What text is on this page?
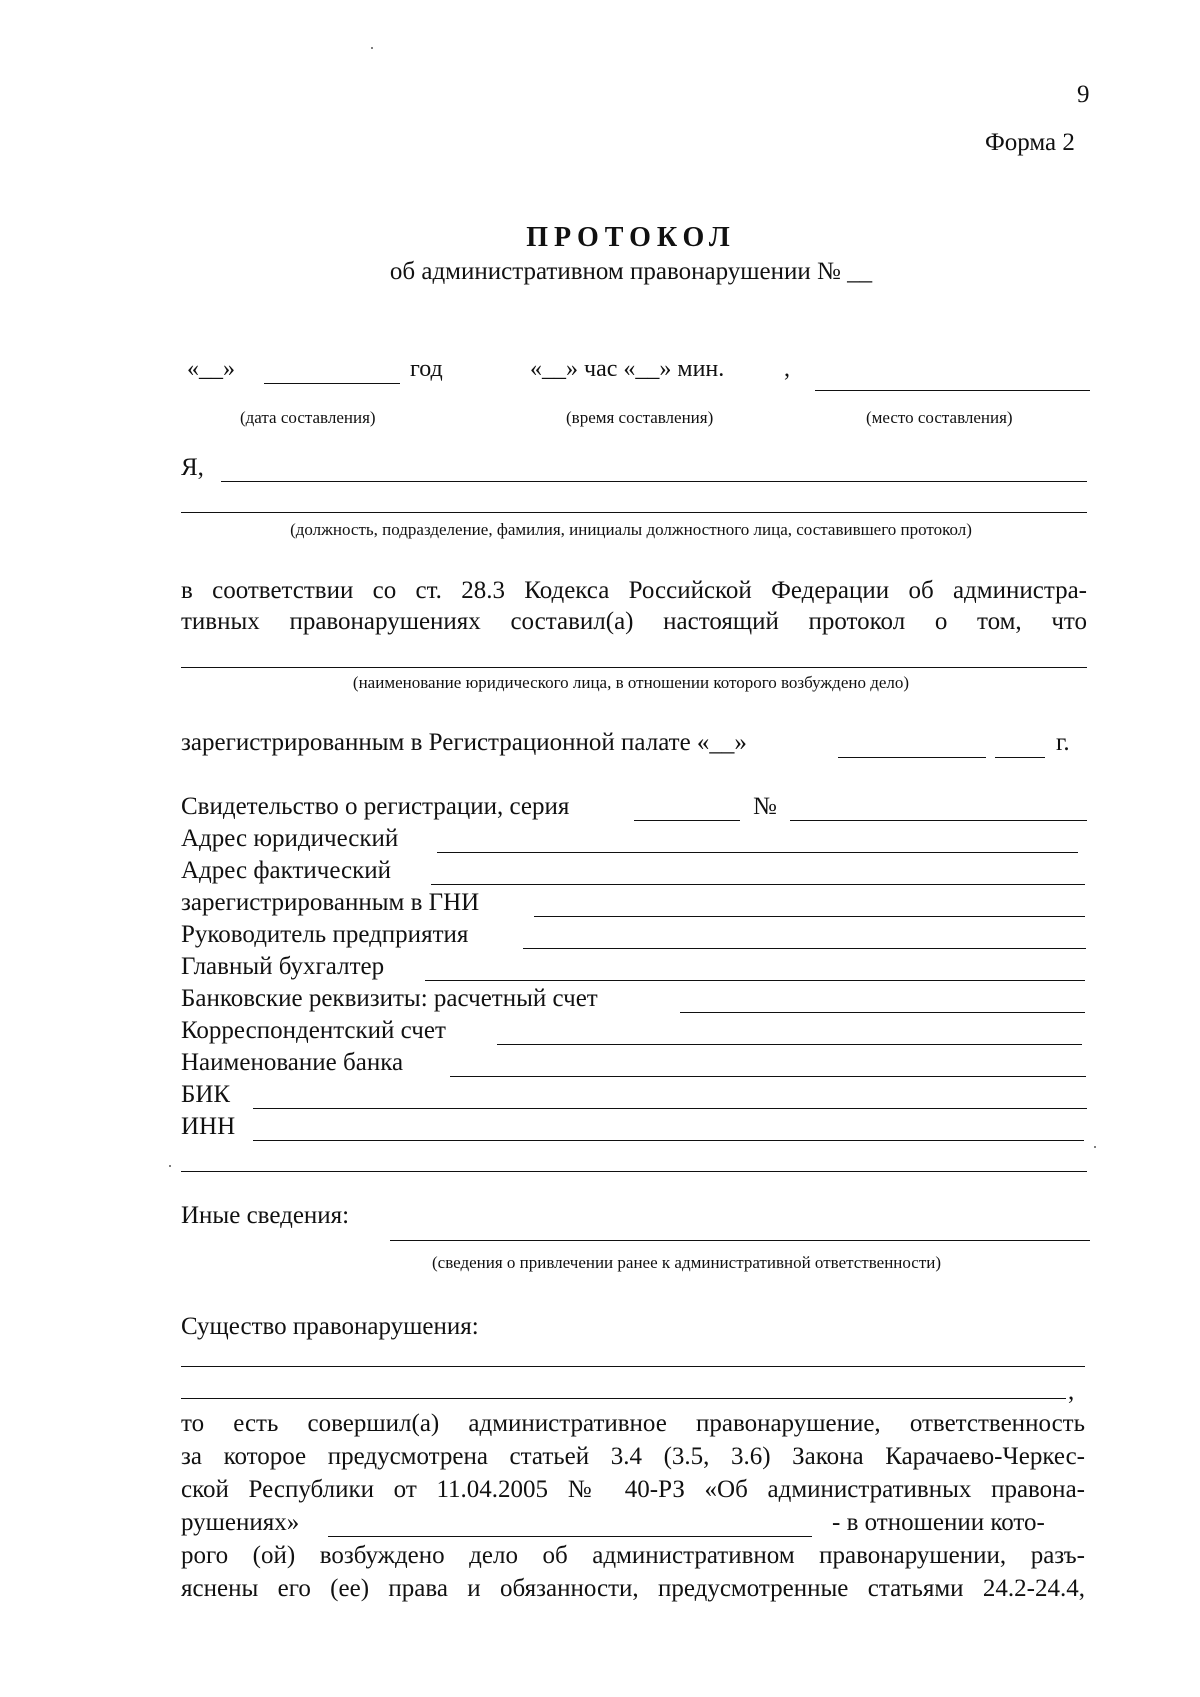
9
Форма 2
ПРОТОКОЛ
об административном правонарушении № __
«__»	год	«__» час «__» мин. ,
(дата составления)	(время составления)	(место составления)
Я,
(должность, подразделение, фамилия, инициалы должностного лица, составившего протокол)
в соответствии со ст. 28.3 Кодекса Российской Федерации об администра-
тивных правонарушениях составил(а) настоящий протокол о том, что
(наименование юридического лица, в отношении которого возбуждено дело)
зарегистрированным в Регистрационной палате «__»	г.
Свидетельство о регистрации, серия	№
Адрес юридический
Адрес фактический
зарегистрированным в ГНИ
Руководитель предприятия
Главный бухгалтер
Банковские реквизиты: расчетный счет
Корреспондентский счет
Наименование банка
БИК
ИНН
Иные сведения:
(сведения о привлечении ранее к административной ответственности)
Существо правонарушения:
,
то есть совершил(а) административное правонарушение, ответственность
за которое предусмотрена статьей 3.4 (3.5, 3.6) Закона Карачаево-Черкес-
ской Республики от 11.04.2005 № 40-РЗ «Об административных правона-
рушениях»	- в отношении кото-
рого (ой) возбуждено дело об административном правонарушении, разъ-
яснены его (ее) права и обязанности, предусмотренные статьями 24.2-24.4,
